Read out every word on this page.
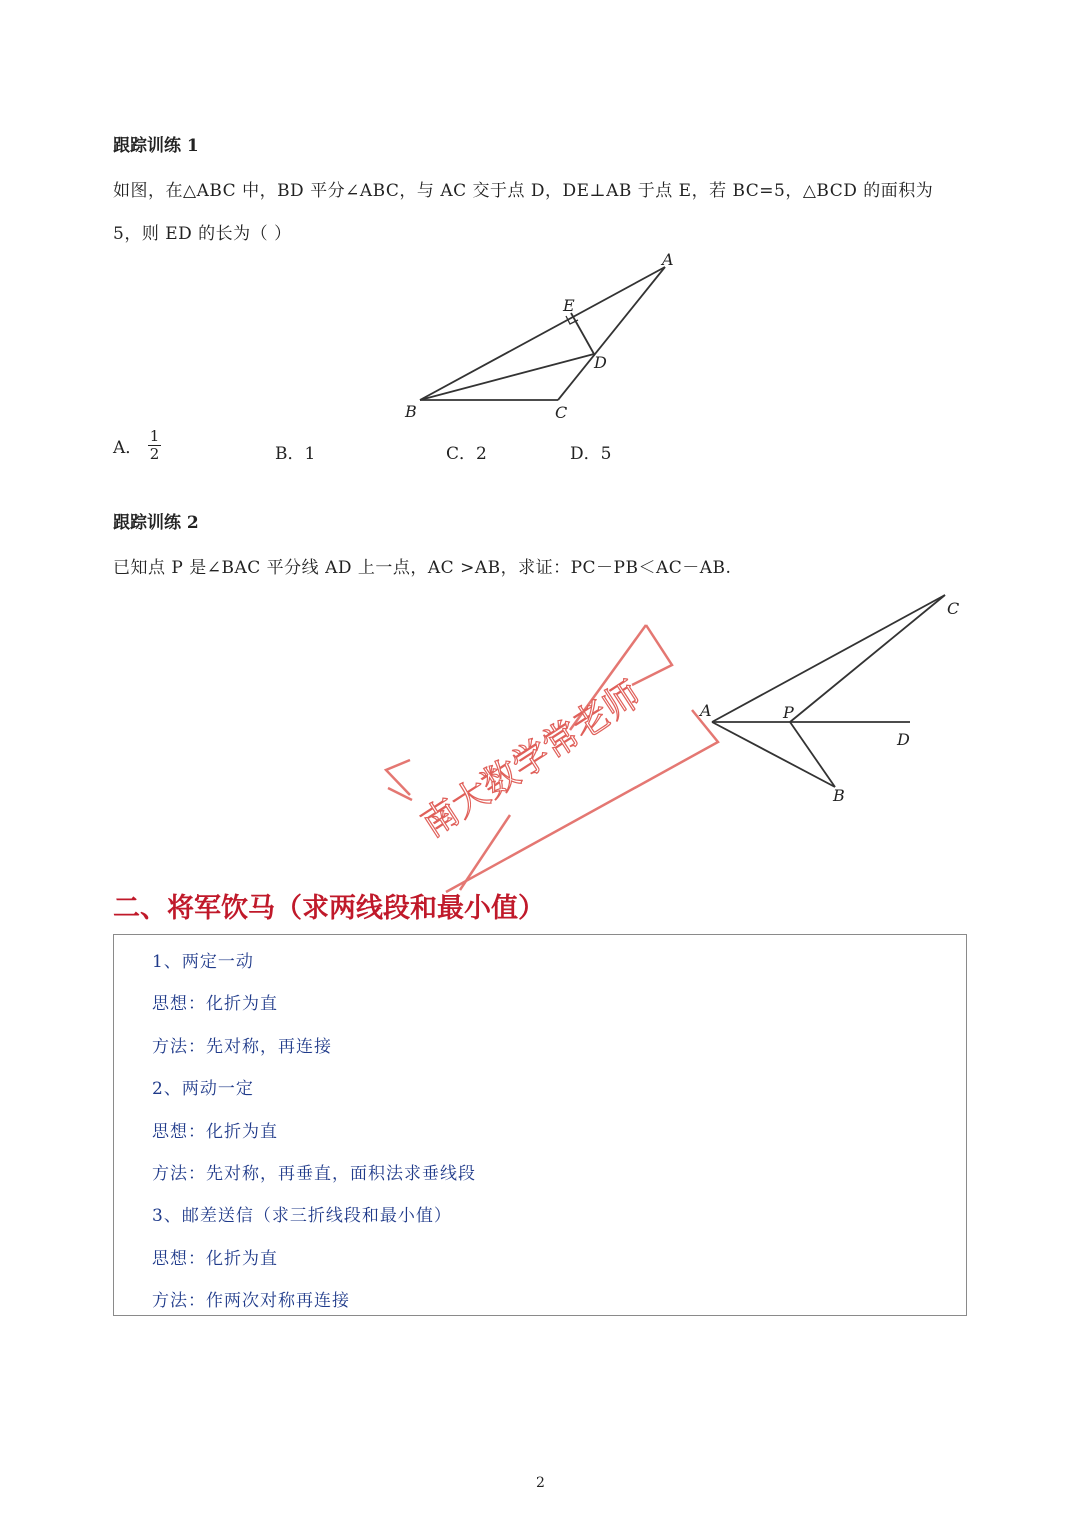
跟踪训练 1
如图，在△ABC 中，BD 平分∠ABC，与 AC 交于点 D，DE⊥AB 于点 E，若 BC=5，△BCD 的面积为
5，则 ED 的长为（ ）
A
B	C
D
E
A． $\frac{1}{2}$	B．1	C．2	D．5
跟踪训练 2
已知点 P 是∠BAC 平分线 AD 上一点，AC >AB，求证：PC－PB＜AC－AB.
A	P
C
D
B
南大数学常老师
二、将军饮马（求两线段和最小值）
1、两定一动
思想：化折为直
方法：先对称，再连接
2、两动一定
思想：化折为直
方法：先对称，再垂直，面积法求垂线段
3、邮差送信（求三折线段和最小值）
思想：化折为直
方法：作两次对称再连接
2
